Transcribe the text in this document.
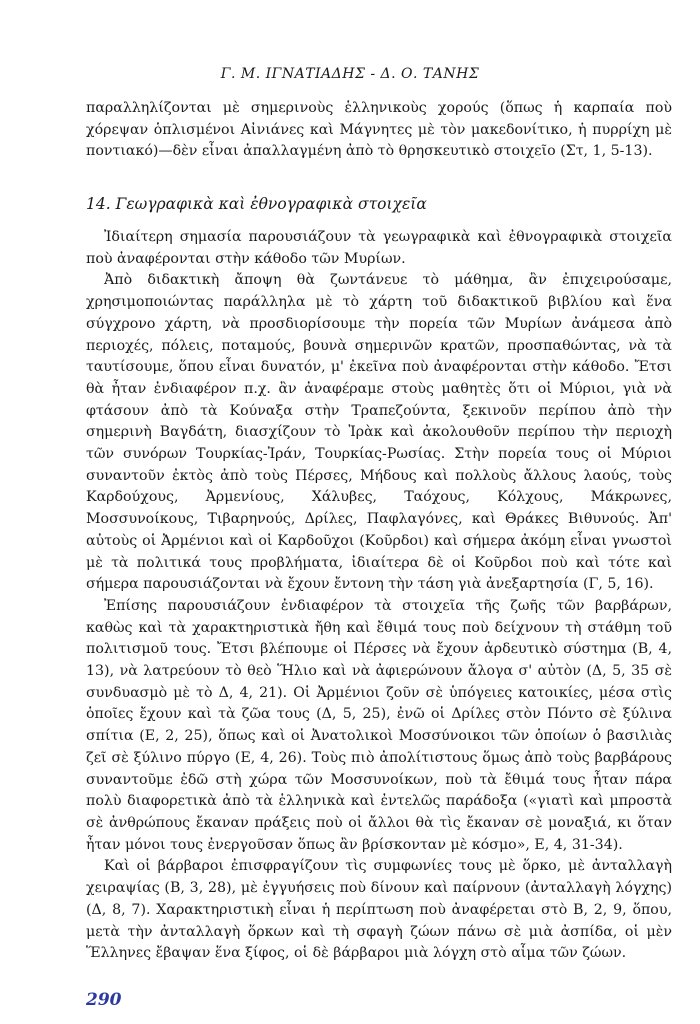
Γ. Μ. ΙΓΝΑΤΙΑΔΗΣ - Δ. Ο. ΤΑΝΗΣ
παραλληλίζονται μὲ σημερινοὺς ἑλληνικοὺς χορούς (ὅπως ἡ καρπαία ποὺ χόρεψαν ὁπλισμένοι Αἰνιάνες καὶ Μάγνητες μὲ τὸν μακεδονίτικο, ἡ πυρρίχη μὲ ποντιακό)—δὲν εἶναι ἀπαλλαγμένη ἀπὸ τὸ θρησκευτικὸ στοιχεῖο (Στ, 1, 5-13).
14. Γεωγραφικὰ καὶ ἐθνογραφικὰ στοιχεῖα

Ἰδιαίτερη σημασία παρουσιάζουν τὰ γεωγραφικὰ καὶ ἐθνογραφικὰ στοιχεῖα ποὺ ἀναφέρονται στὴν κάθοδο τῶν Μυρίων.

Ἀπὸ διδακτικὴ ἄποψη θὰ ζωντάνευε τὸ μάθημα, ἂν ἐπιχειρούσαμε, χρησιμοποιώντας παράλληλα μὲ τὸ χάρτη τοῦ διδακτικοῦ βιβλίου καὶ ἕνα σύγχρονο χάρτη, νὰ προσδιορίσουμε τὴν πορεία τῶν Μυρίων ἀνάμεσα ἀπὸ περιοχές, πόλεις, ποταμούς, βουνὰ σημερινῶν κρατῶν, προσπαθώντας, νὰ τὰ ταυτίσουμε, ὅπου εἶναι δυνατόν, μ' ἐκεῖνα ποὺ ἀναφέρονται στὴν κάθοδο. Ἔτσι θὰ ἦταν ἐνδιαφέρον π.χ. ἂν ἀναφέραμε στοὺς μαθητὲς ὅτι οἱ Μύριοι, γιὰ νὰ φτάσουν ἀπὸ τὰ Κούναξα στὴν Τραπεζούντα, ξεκινοῦν περίπου ἀπὸ τὴν σημερινὴ Βαγδάτη, διασχίζουν τὸ Ἰρὰκ καὶ ἀκολουθοῦν περίπου τὴν περιοχὴ τῶν συνόρων Τουρκίας-Ἰράν, Τουρκίας-Ρωσίας. Στὴν πορεία τους οἱ Μύριοι συναντοῦν ἐκτὸς ἀπὸ τοὺς Πέρσες, Μήδους καὶ πολλοὺς ἄλλους λαούς, τοὺς Καρδούχους, Ἀρμενίους, Χάλυβες, Ταόχους, Κόλχους, Μάκρωνες, Μοσσυνοίκους, Τιβαρηνούς, Δρίλες, Παφλαγόνες, καὶ Θράκες Βιθυνούς. Ἀπ' αὐτοὺς οἱ Ἀρμένιοι καὶ οἱ Καρδοῦχοι (Κοῦρδοι) καὶ σήμερα ἀκόμη εἶναι γνωστοὶ μὲ τὰ πολιτικά τους προβλήματα, ἰδιαίτερα δὲ οἱ Κοῦρδοι ποὺ καὶ τότε καὶ σήμερα παρουσιάζονται νὰ ἔχουν ἔντονη τὴν τάση γιὰ ἀνεξαρτησία (Γ, 5, 16).

Ἐπίσης παρουσιάζουν ἐνδιαφέρον τὰ στοιχεῖα τῆς ζωῆς τῶν βαρβάρων, καθὼς καὶ τὰ χαρακτηριστικὰ ἤθη καὶ ἔθιμά τους ποὺ δείχνουν τὴ στάθμη τοῦ πολιτισμοῦ τους. Ἔτσι βλέπουμε οἱ Πέρσες νὰ ἔχουν ἀρδευτικὸ σύστημα (Β, 4, 13), νὰ λατρεύουν τὸ θεὸ Ἥλιο καὶ νὰ ἀφιερώνουν ἄλογα σ' αὐτὸν (Δ, 5, 35 σὲ συνδυασμὸ μὲ τὸ Δ, 4, 21). Οἱ Ἀρμένιοι ζοῦν σὲ ὑπόγειες κατοικίες, μέσα στὶς ὁποῖες ἔχουν καὶ τὰ ζῶα τους (Δ, 5, 25), ἐνῶ οἱ Δρίλες στὸν Πόντο σὲ ξύλινα σπίτια (Ε, 2, 25), ὅπως καὶ οἱ Ἀνατολικοὶ Μοσσύνοικοι τῶν ὁποίων ὁ βασιλιὰς ζεῖ σὲ ξύλινο πύργο (Ε, 4, 26). Τοὺς πιὸ ἀπολίτιστους ὅμως ἀπὸ τοὺς βαρβάρους συναντοῦμε ἐδῶ στὴ χώρα τῶν Μοσσυνοίκων, ποὺ τὰ ἔθιμά τους ἦταν πάρα πολὺ διαφορετικὰ ἀπὸ τὰ ἑλληνικὰ καὶ ἐντελῶς παράδοξα («γιατὶ καὶ μπροστὰ σὲ ἀνθρώπους ἔκαναν πράξεις ποὺ οἱ ἄλλοι θὰ τὶς ἔκαναν σὲ μοναξιά, κι ὅταν ἦταν μόνοι τους ἐνεργοῦσαν ὅπως ἂν βρίσκονταν μὲ κόσμο», Ε, 4, 31-34).

Καὶ οἱ βάρβαροι ἐπισφραγίζουν τὶς συμφωνίες τους μὲ ὅρκο, μὲ ἀνταλλαγὴ χειραψίας (Β, 3, 28), μὲ ἐγγυήσεις ποὺ δίνουν καὶ παίρνουν (ἀνταλλαγὴ λόγχης) (Δ, 8, 7). Χαρακτηριστικὴ εἶναι ἡ περίπτωση ποὺ ἀναφέρεται στὸ Β, 2, 9, ὅπου, μετὰ τὴν ἀνταλλαγὴ ὅρκων καὶ τὴ σφαγὴ ζώων πάνω σὲ μιὰ ἀσπίδα, οἱ μὲν Ἕλληνες ἔβαψαν ἕνα ξίφος, οἱ δὲ βάρβαροι μιὰ λόγχη στὸ αἷμα τῶν ζώων.

290
